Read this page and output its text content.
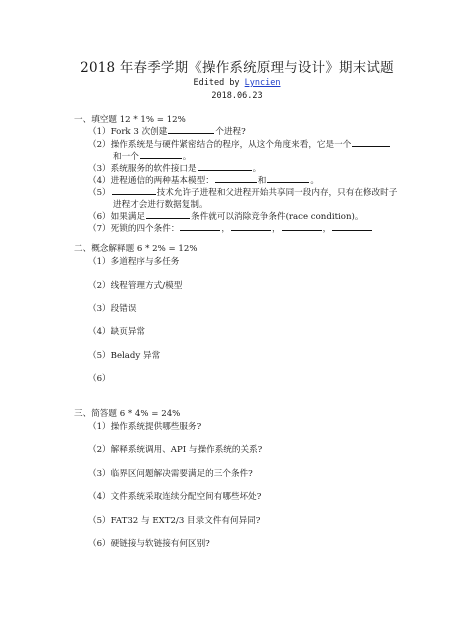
2018 年春季学期《操作系统原理与设计》期末试题
Edited by Lyncien
2018.06.23
一、填空题 12 * 1% = 12%
（1）Fork 3 次创建	个进程?
（2）操作系统是与硬件紧密结合的程序，从这个角度来看，它是一个
和一个	。
（3）系统服务的软件接口是	。
（4）进程通信的两种基本模型：	和	。
（5）	技术允许子进程和父进程开始共享同一段内存，只有在修改时子
进程才会进行数据复制。
（6）如果满足	条件就可以消除竞争条件(race condition)。
（7）死锁的四个条件：	，	，	，
二、概念解释题 6 * 2% = 12%
（1）多道程序与多任务
（2）线程管理方式/模型
（3）段错误
（4）缺页异常
（5）Belady 异常
（6）
三、简答题 6 * 4% = 24%
（1）操作系统提供哪些服务?
（2）解释系统调用、API 与操作系统的关系?
（3）临界区问题解决需要满足的三个条件?
（4）文件系统采取连续分配空间有哪些坏处?
（5）FAT32 与 EXT2/3 目录文件有何异同?
（6）硬链接与软链接有何区别?
